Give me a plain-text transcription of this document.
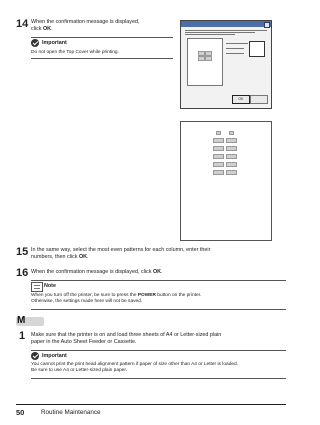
14 When the confirmation message is displayed,
click OK.
Important
Do not open the Top Cover while printing.
OK
15 In the same way, select the most even patterns for each column, enter their
numbers, then click OK.
16 When the confirmation message is displayed, click OK.
Note
When you turn off the printer, be sure to press the POWER button on the printer.
Otherwise, the settings made here will not be saved.
M
1 Make sure that the printer is on and load three sheets of A4 or Letter-sized plain
paper in the Auto Sheet Feeder or Cassette.
Important
You cannot print the print head alignment pattern if paper of size other than A4 or Letter is loaded.
Be sure to use A4 or Letter-sized plain paper.
50	Routine Maintenance
